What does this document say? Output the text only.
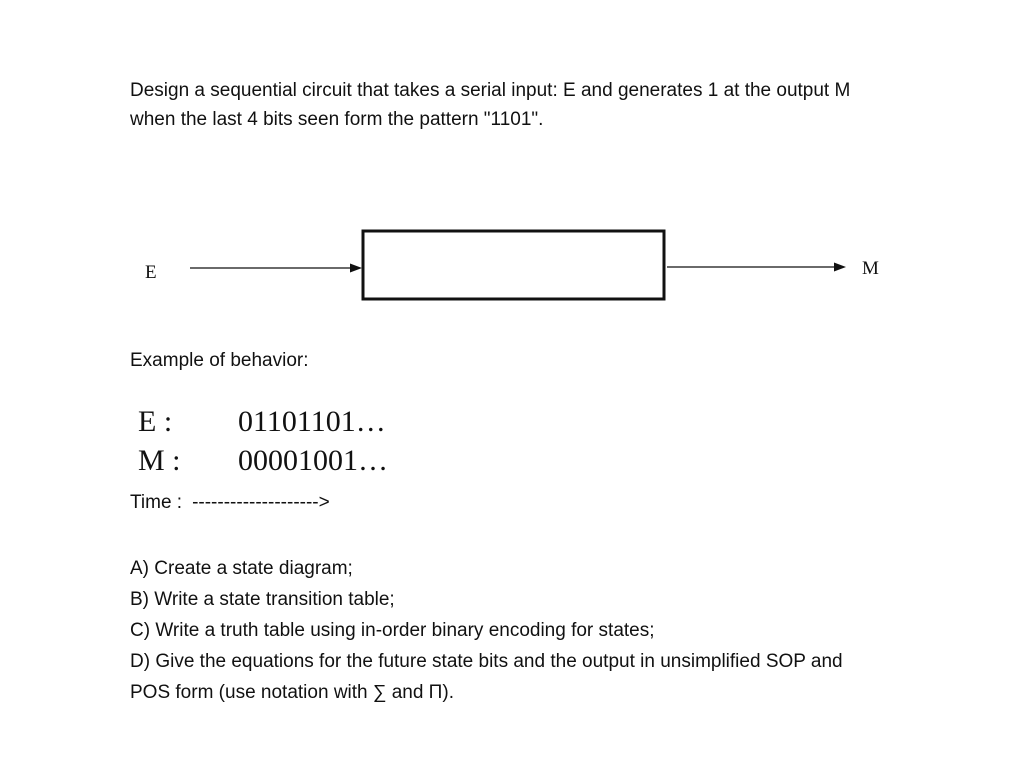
Design a sequential circuit that takes a serial input: E and generates 1 at the output M
when the last 4 bits seen form the pattern "1101".
E	M
Example of behavior:
E : 01101101…
M : 00001001…
Time : -------------------->
A) Create a state diagram;
B) Write a state transition table;
C) Write a truth table using in-order binary encoding for states;
D) Give the equations for the future state bits and the output in unsimplified SOP and
POS form (use notation with ∑ and Π).
